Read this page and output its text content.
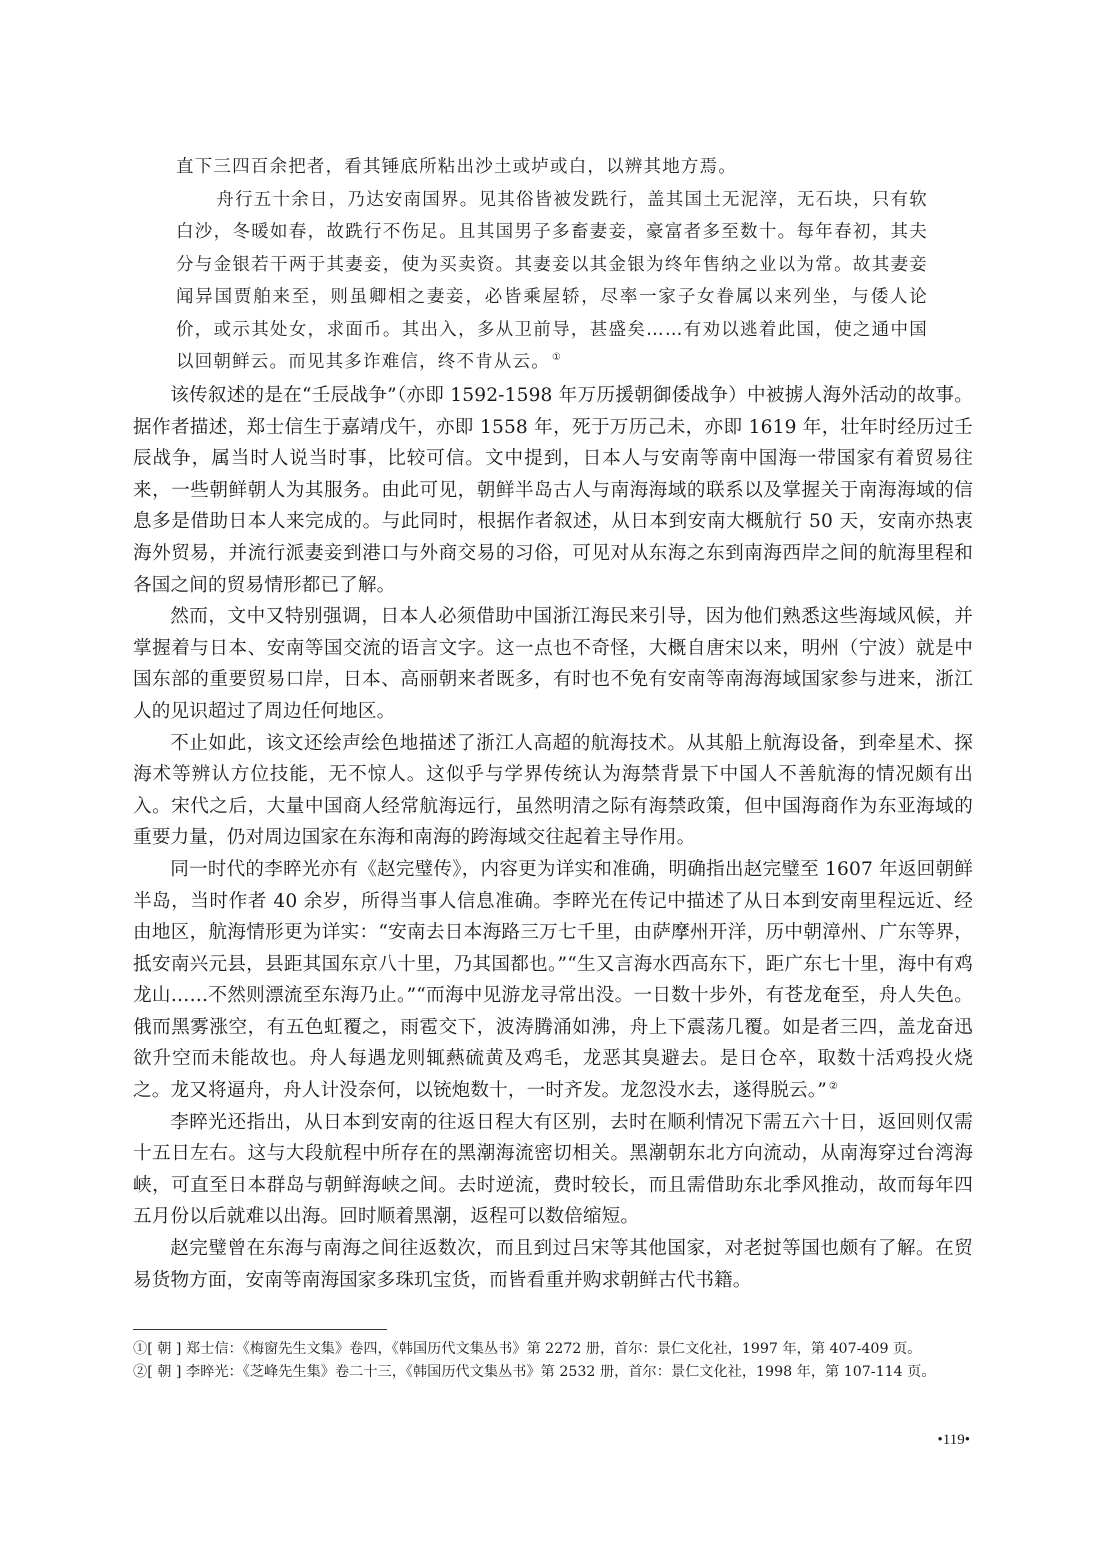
直下三四百余把者，看其锤底所粘出沙土或垆或白，以辨其地方焉。

舟行五十余日，乃达安南国界。见其俗皆被发跣行，盖其国土无泥滓，无石块，只有软白沙，冬暖如春，故跣行不伤足。且其国男子多畜妻妾，豪富者多至数十。每年春初，其夫分与金银若干两于其妻妾，使为买卖资。其妻妾以其金银为终年售纳之业以为常。故其妻妾闻异国贾舶来至，则虽卿相之妻妾，必皆乘屋轿，尽率一家子女眷属以来列坐，与倭人论价，或示其处女，求面币。其出入，多从卫前导，甚盛矣……有劝以逃着此国，使之通中国以回朝鲜云。而见其多诈难信，终不肯从云。 ①

该传叙述的是在“壬辰战争”（亦即 1592-1598 年万历援朝御倭战争）中被掳人海外活动的故事。据作者描述，郑士信生于嘉靖戊午，亦即 1558 年，死于万历己未，亦即 1619 年，壮年时经历过壬辰战争，属当时人说当时事，比较可信。文中提到，日本人与安南等南中国海一带国家有着贸易往来，一些朝鲜朝人为其服务。由此可见，朝鲜半岛古人与南海海域的联系以及掌握关于南海海域的信息多是借助日本人来完成的。与此同时，根据作者叙述，从日本到安南大概航行 50 天，安南亦热衷海外贸易，并流行派妻妾到港口与外商交易的习俗，可见对从东海之东到南海西岸之间的航海里程和各国之间的贸易情形都已了解。

然而，文中又特别强调，日本人必须借助中国浙江海民来引导，因为他们熟悉这些海域风候，并掌握着与日本、安南等国交流的语言文字。这一点也不奇怪，大概自唐宋以来，明州（宁波）就是中国东部的重要贸易口岸，日本、高丽朝来者既多，有时也不免有安南等南海海域国家参与进来，浙江人的见识超过了周边任何地区。

不止如此，该文还绘声绘色地描述了浙江人高超的航海技术。从其船上航海设备，到牵星术、探海术等辨认方位技能，无不惊人。这似乎与学界传统认为海禁背景下中国人不善航海的情况颇有出入。宋代之后，大量中国商人经常航海远行，虽然明清之际有海禁政策，但中国海商作为东亚海域的重要力量，仍对周边国家在东海和南海的跨海域交往起着主导作用。

同一时代的李睟光亦有《赵完璧传》，内容更为详实和准确，明确指出赵完璧至 1607 年返回朝鲜半岛，当时作者 40 余岁，所得当事人信息准确。李睟光在传记中描述了从日本到安南里程远近、经由地区，航海情形更为详实：“安南去日本海路三万七千里，由萨摩州开洋，历中朝漳州、广东等界，抵安南兴元县，县距其国东京八十里，乃其国都也。”“生又言海水西高东下，距广东七十里，海中有鸡龙山……不然则漂流至东海乃止。”“而海中见游龙寻常出没。一日数十步外，有苍龙奄至，舟人失色。俄而黑雾涨空，有五色虹覆之，雨雹交下，波涛腾涌如沸，舟上下震荡几覆。如是者三四，盖龙奋迅欲升空而未能故也。舟人每遇龙则辄爇硫黄及鸡毛，龙恶其臭避去。是日仓卒，取数十活鸡投火烧之。龙又将逼舟，舟人计没奈何，以铳炮数十，一时齐发。龙忽没水去，遂得脱云。” ②

李睟光还指出，从日本到安南的往返日程大有区别，去时在顺利情况下需五六十日，返回则仅需十五日左右。这与大段航程中所存在的黑潮海流密切相关。黑潮朝东北方向流动，从南海穿过台湾海峡，可直至日本群岛与朝鲜海峡之间。去时逆流，费时较长，而且需借助东北季风推动，故而每年四五月份以后就难以出海。回时顺着黑潮，返程可以数倍缩短。

赵完璧曾在东海与南海之间往返数次，而且到过吕宋等其他国家，对老挝等国也颇有了解。在贸易货物方面，安南等南海国家多珠玑宝货，而皆看重并购求朝鲜古代书籍。

①[ 朝 ] 郑士信：《梅窗先生文集》卷四，《韩国历代文集丛书》第 2272 册，首尔：景仁文化社，1997 年，第 407-409 页。

②[ 朝 ] 李睟光：《芝峰先生集》卷二十三，《韩国历代文集丛书》第 2532 册，首尔：景仁文化社，1998 年，第 107-114 页。

•119•
